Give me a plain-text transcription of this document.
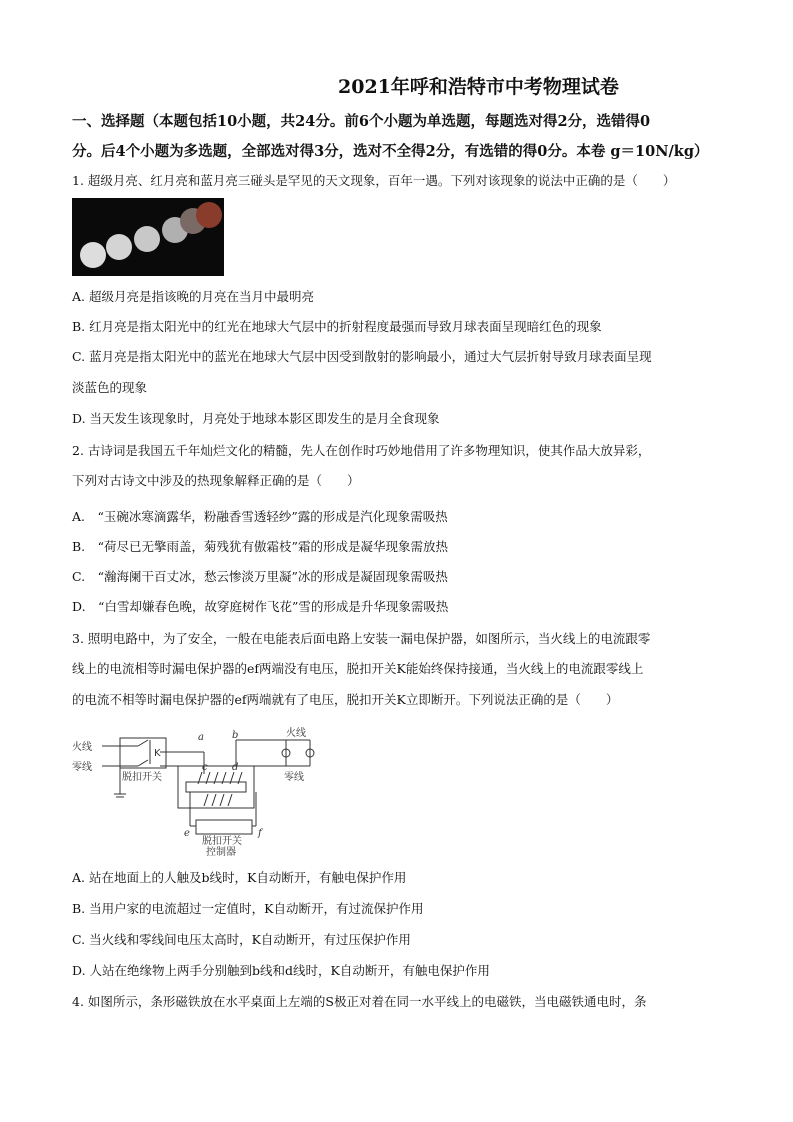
2021年呼和浩特市中考物理试卷
一、选择题（本题包括10小题，共24分。前6个小题为单选题，每题选对得2分，选错得0
分。后4个小题为多选题，全部选对得3分，选对不全得2分，有选错的得0分。本卷 g＝10N/kg）
1. 超级月亮、红月亮和蓝月亮三碰头是罕见的天文现象，百年一遇。下列对该现象的说法中正确的是（　　）
A. 超级月亮是指该晚的月亮在当月中最明亮
B. 红月亮是指太阳光中的红光在地球大气层中的折射程度最强而导致月球表面呈现暗红色的现象
C. 蓝月亮是指太阳光中的蓝光在地球大气层中因受到散射的影响最小，通过大气层折射导致月球表面呈现
淡蓝色的现象
D. 当天发生该现象时，月亮处于地球本影区即发生的是月全食现象
2. 古诗词是我国五千年灿烂文化的精髓，先人在创作时巧妙地借用了许多物理知识，使其作品大放异彩，
下列对古诗文中涉及的热现象解释正确的是（　　）
A.　“玉碗冰寒滴露华，粉融香雪透轻纱”露的形成是汽化现象需吸热
B.　“荷尽已无擎雨盖，菊残犹有傲霜枝”霜的形成是凝华现象需放热
C.　“瀚海阑干百丈冰，愁云惨淡万里凝”冰的形成是凝固现象需吸热
D.　“白雪却嫌春色晚，故穿庭树作飞花”雪的形成是升华现象需吸热
3. 照明电路中，为了安全，一般在电能表后面电路上安装一漏电保护器，如图所示，当火线上的电流跟零
线上的电流相等时漏电保护器的ef两端没有电压，脱扣开关K能始终保持接通，当火线上的电流跟零线上
的电流不相等时漏电保护器的ef两端就有了电压，脱扣开关K立即断开。下列说法正确的是（　　）
火线
零线
K
脱扣开关
a	b
c d
e	f
火线
零线
脱扣开关
控制器
A. 站在地面上的人触及b线时，K自动断开，有触电保护作用
B. 当用户家的电流超过一定值时，K自动断开，有过流保护作用
C. 当火线和零线间电压太高时，K自动断开，有过压保护作用
D. 人站在绝缘物上两手分别触到b线和d线时，K自动断开，有触电保护作用
4. 如图所示，条形磁铁放在水平桌面上左端的S极正对着在同一水平线上的电磁铁，当电磁铁通电时，条
